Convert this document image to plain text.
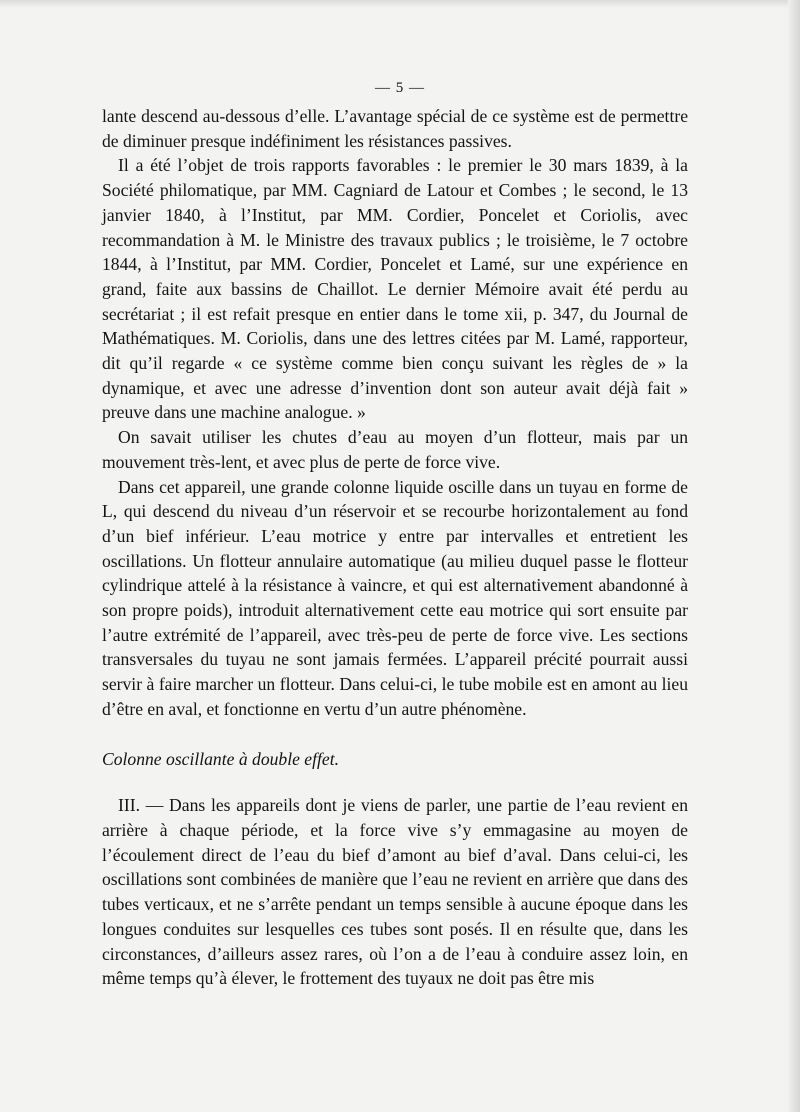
— 5 —

lante descend au-dessous d’elle. L’avantage spécial de ce système est de permettre de diminuer presque indéfiniment les résistances passives.

Il a été l’objet de trois rapports favorables : le premier le 30 mars 1839, à la Société philomatique, par MM. Cagniard de Latour et Combes ; le second, le 13 janvier 1840, à l’Institut, par MM. Cordier, Poncelet et Coriolis, avec recommandation à M. le Ministre des travaux publics ; le troisième, le 7 octobre 1844, à l’Institut, par MM. Cordier, Poncelet et Lamé, sur une expérience en grand, faite aux bassins de Chaillot. Le dernier Mémoire avait été perdu au secrétariat ; il est refait presque en entier dans le tome xii, p. 347, du Journal de Mathématiques. M. Coriolis, dans une des lettres citées par M. Lamé, rapporteur, dit qu’il regarde « ce système comme bien conçu suivant les règles de » la dynamique, et avec une adresse d’invention dont son auteur avait déjà fait » preuve dans une machine analogue. »

On savait utiliser les chutes d’eau au moyen d’un flotteur, mais par un mouvement très-lent, et avec plus de perte de force vive.

Dans cet appareil, une grande colonne liquide oscille dans un tuyau en forme de L, qui descend du niveau d’un réservoir et se recourbe horizontalement au fond d’un bief inférieur. L’eau motrice y entre par intervalles et entretient les oscillations. Un flotteur annulaire automatique (au milieu duquel passe le flotteur cylindrique attelé à la résistance à vaincre, et qui est alternativement abandonné à son propre poids), introduit alternativement cette eau motrice qui sort ensuite par l’autre extrémité de l’appareil, avec très-peu de perte de force vive. Les sections transversales du tuyau ne sont jamais fermées. L’appareil précité pourrait aussi servir à faire marcher un flotteur. Dans celui-ci, le tube mobile est en amont au lieu d’être en aval, et fonctionne en vertu d’un autre phénomène.

Colonne oscillante à double effet.

III. — Dans les appareils dont je viens de parler, une partie de l’eau revient en arrière à chaque période, et la force vive s’y emmagasine au moyen de l’écoulement direct de l’eau du bief d’amont au bief d’aval. Dans celui-ci, les oscillations sont combinées de manière que l’eau ne revient en arrière que dans des tubes verticaux, et ne s’arrête pendant un temps sensible à aucune époque dans les longues conduites sur lesquelles ces tubes sont posés. Il en résulte que, dans les circonstances, d’ailleurs assez rares, où l’on a de l’eau à conduire assez loin, en même temps qu’à élever, le frottement des tuyaux ne doit pas être mis
